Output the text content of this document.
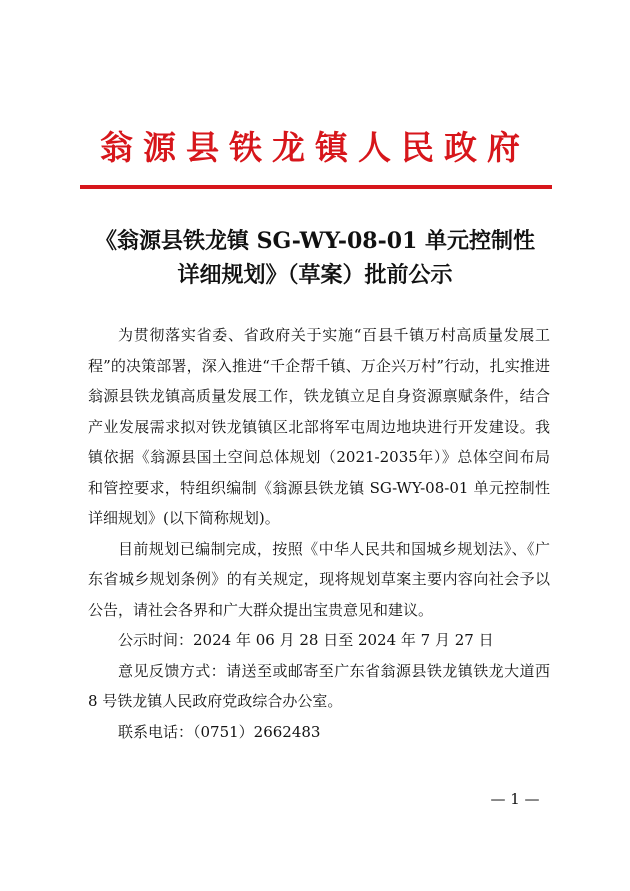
翁源县铁龙镇人民政府
《翁源县铁龙镇 SG-WY-08-01 单元控制性
详细规划》（草案）批前公示

为贯彻落实省委、省政府关于实施“百县千镇万村高质量发展工程”的决策部署，深入推进“千企帮千镇、万企兴万村”行动，扎实推进翁源县铁龙镇高质量发展工作，铁龙镇立足自身资源禀赋条件，结合产业发展需求拟对铁龙镇镇区北部将军屯周边地块进行开发建设。我镇依据《翁源县国土空间总体规划（2021-2035年）》总体空间布局和管控要求，特组织编制《翁源县铁龙镇 SG-WY-08-01 单元控制性详细规划》(以下简称规划)。

目前规划已编制完成，按照《中华人民共和国城乡规划法》、《广东省城乡规划条例》的有关规定，现将规划草案主要内容向社会予以公告，请社会各界和广大群众提出宝贵意见和建议。

公示时间：2024 年 06 月 28 日至 2024 年 7 月 27 日

意见反馈方式：请送至或邮寄至广东省翁源县铁龙镇铁龙大道西 8 号铁龙镇人民政府党政综合办公室。

联系电话：（0751）2662483

— 1 —
